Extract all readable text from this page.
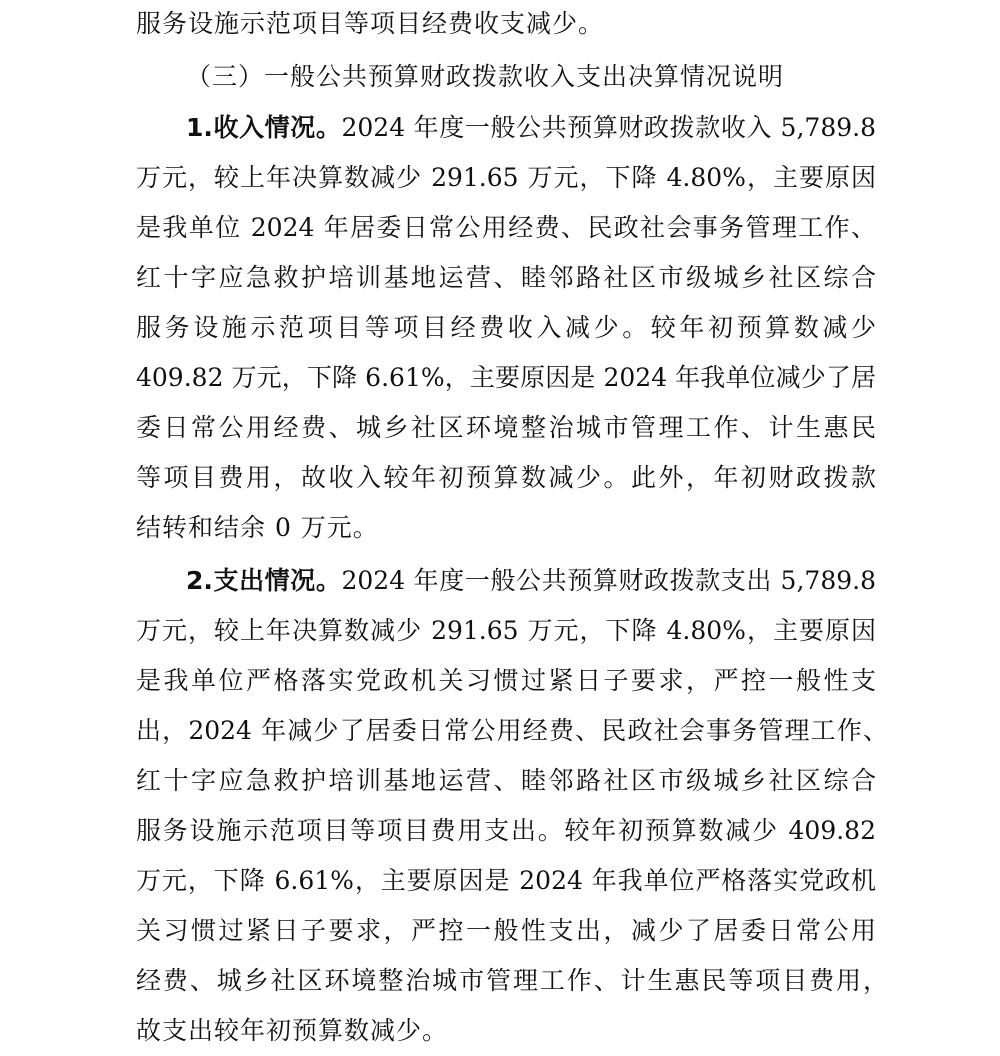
服务设施示范项目等项目经费收支减少。
（三）一般公共预算财政拨款收入支出决算情况说明
1.收入情况。2024 年度一般公共预算财政拨款收入 5,789.8
万元，较上年决算数减少 291.65 万元，下降 4.80%，主要原因
是我单位 2024 年居委日常公用经费、民政社会事务管理工作、
红十字应急救护培训基地运营、睦邻路社区市级城乡社区综合
服务设施示范项目等项目经费收入减少。较年初预算数减少
409.82 万元，下降 6.61%，主要原因是 2024 年我单位减少了居
委日常公用经费、城乡社区环境整治城市管理工作、计生惠民
等项目费用，故收入较年初预算数减少。此外，年初财政拨款
结转和结余 0 万元。
2.支出情况。2024 年度一般公共预算财政拨款支出 5,789.8
万元，较上年决算数减少 291.65 万元，下降 4.80%，主要原因
是我单位严格落实党政机关习惯过紧日子要求，严控一般性支
出，2024 年减少了居委日常公用经费、民政社会事务管理工作、
红十字应急救护培训基地运营、睦邻路社区市级城乡社区综合
服务设施示范项目等项目费用支出。较年初预算数减少 409.82
万元，下降 6.61%，主要原因是 2024 年我单位严格落实党政机
关习惯过紧日子要求，严控一般性支出，减少了居委日常公用
经费、城乡社区环境整治城市管理工作、计生惠民等项目费用，
故支出较年初预算数减少。
